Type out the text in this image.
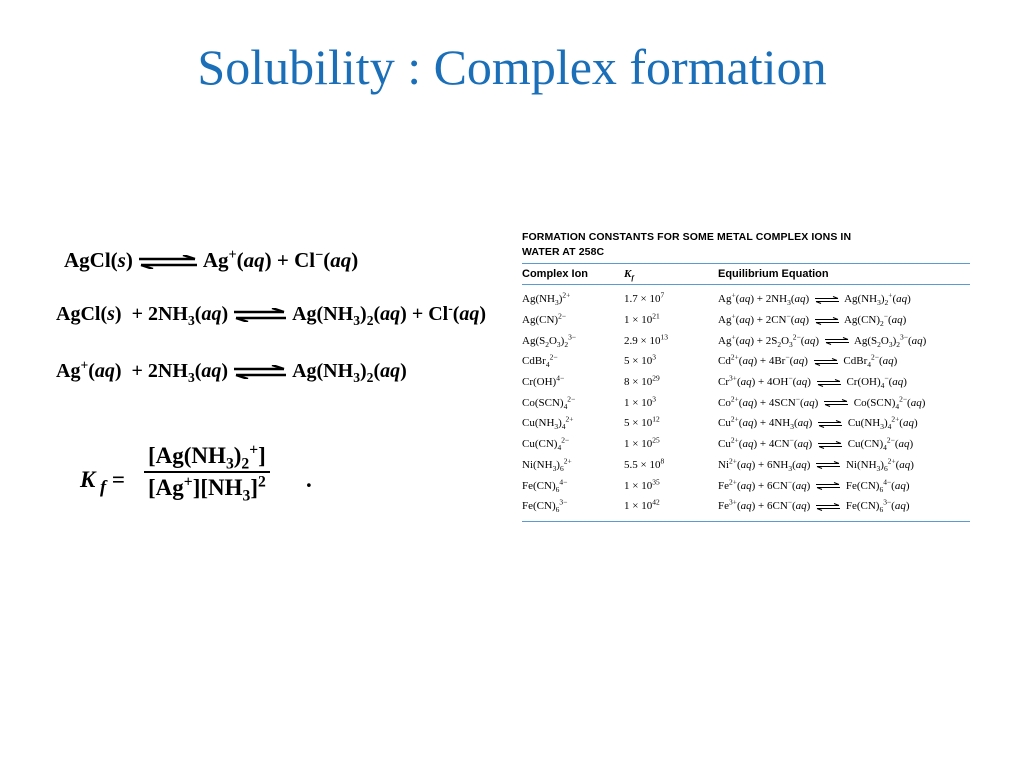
Solubility : Complex formation
AgCl(s) ⇌ Ag+(aq) + Cl−(aq)
AgCl(s)  + $2NH_3(aq)$ ⇌ $Ag(NH_3)_2(aq) + Cl^-(aq)$
$Ag^+(aq) + 2NH_3(aq)$ ⇌ $Ag(NH_3)_2(aq)$
K $_f$ =
$[Ag(NH_3)_2^+]$
$[Ag^+][NH_3]^2$ .
FORMATION CONSTANTS FOR SOME METAL COMPLEX IONS IN
WATER AT 258C
Complex Ion	$K_f$	Equilibrium Equation
$Ag(NH_3)^{2+}$	$1.7 \times 10^7$	$Ag^+(aq) + 2NH_3(aq)$ ⇌ $Ag(NH_3)_2^+(aq)$
Ag(CN)$^{2-}$	$1 \times 10^{21}$	Ag+(aq) + 2CN−(aq) ⇌ $Ag(CN)_2^-(aq)$
$Ag(S_2O_3)_2^{3-}$	$2.9 \times 10^{13}$	$Ag^+(aq) + 2S_2O_3^{2-}(aq)$ ⇌ $Ag(S_2O_3)_2^{3-}(aq)$
CdBr$_4^{2-}$	$5 \times 10^3$	$Cd^{2+}(aq) + 4Br^-(aq)$ ⇌ CdBr$_4^{2-}$(aq)
Cr(OH)$^{4-}$	$8 \times 10^{29}$	$Cr^{3+}(aq) + 4OH^-(aq)$ ⇌ $Cr(OH)_4^-(aq)$
$Co(SCN)_4^{2-}$	$1 \times 10^3$	$Co^{2+}(aq) + 4SCN^-(aq)$ ⇌ $Co(SCN)_4^{2-}(aq)$
$Cu(NH_3)_4^{2+}$	$5 \times 10^{12}$	$Cu^{2+}(aq) + 4NH_3(aq)$ ⇌ $Cu(NH_3)_4^{2+}(aq)$
$Cu(CN)_4^{2-}$	$1 \times 10^{25}$	$Cu^{2+}(aq) + 4CN^-(aq)$ ⇌ $Cu(CN)_4^{2-}(aq)$
$Ni(NH_3)_6^{2+}$	$5.5 \times 10^8$	$Ni^{2+}(aq) + 6NH_3(aq)$ ⇌ $Ni(NH_3)_6^{2+}(aq)$
$Fe(CN)_6^{4-}$	$1 \times 10^{35}$	$Fe^{2+}(aq) + 6CN^-(aq)$ ⇌ $Fe(CN)_6^{4-}(aq)$
$Fe(CN)_6^{3-}$	$1 \times 10^{42}$	$Fe^{3+}(aq) + 6CN^-(aq)$ ⇌ $Fe(CN)_6^{3-}(aq)$
